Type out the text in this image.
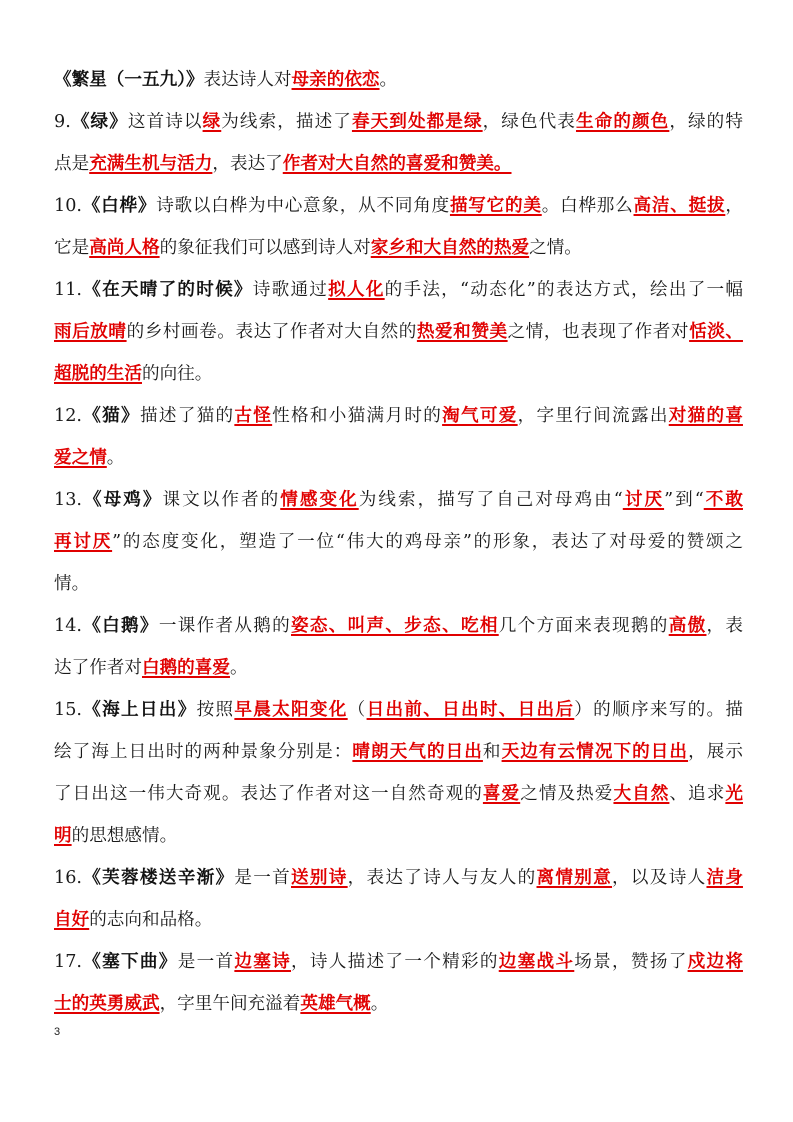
《繁星（一五九）》表达诗人对母亲的依恋。
9.《绿》这首诗以绿为线索，描述了春天到处都是绿，绿色代表生命的颜色，绿的特
点是充满生机与活力，表达了作者对大自然的喜爱和赞美。
10.《白桦》诗歌以白桦为中心意象，从不同角度描写它的美。白桦那么高洁、挺拔，
它是高尚人格的象征我们可以感到诗人对家乡和大自然的热爱之情。
11.《在天晴了的时候》诗歌通过拟人化的手法，“动态化”的表达方式，绘出了一幅
雨后放晴的乡村画卷。表达了作者对大自然的热爱和赞美之情，也表现了作者对恬淡、
超脱的生活的向往。
12.《猫》描述了猫的古怪性格和小猫满月时的淘气可爱，字里行间流露出对猫的喜
爱之情。
13.《母鸡》课文以作者的情感变化为线索，描写了自己对母鸡由“讨厌”到“不敢
再讨厌”的态度变化，塑造了一位“伟大的鸡母亲”的形象，表达了对母爱的赞颂之
情。
14.《白鹅》一课作者从鹅的姿态、叫声、步态、吃相几个方面来表现鹅的高傲，表
达了作者对白鹅的喜爱。
15.《海上日出》按照早晨太阳变化（日出前、日出时、日出后）的顺序来写的。描
绘了海上日出时的两种景象分别是：晴朗天气的日出和天边有云情况下的日出，展示
了日出这一伟大奇观。表达了作者对这一自然奇观的喜爱之情及热爱大自然、追求光
明的思想感情。
16.《芙蓉楼送辛渐》是一首送别诗，表达了诗人与友人的离情别意，以及诗人洁身
自好的志向和品格。
17.《塞下曲》是一首边塞诗，诗人描述了一个精彩的边塞战斗场景，赞扬了戍边将
士的英勇威武，字里午间充溢着英雄气概。
3
